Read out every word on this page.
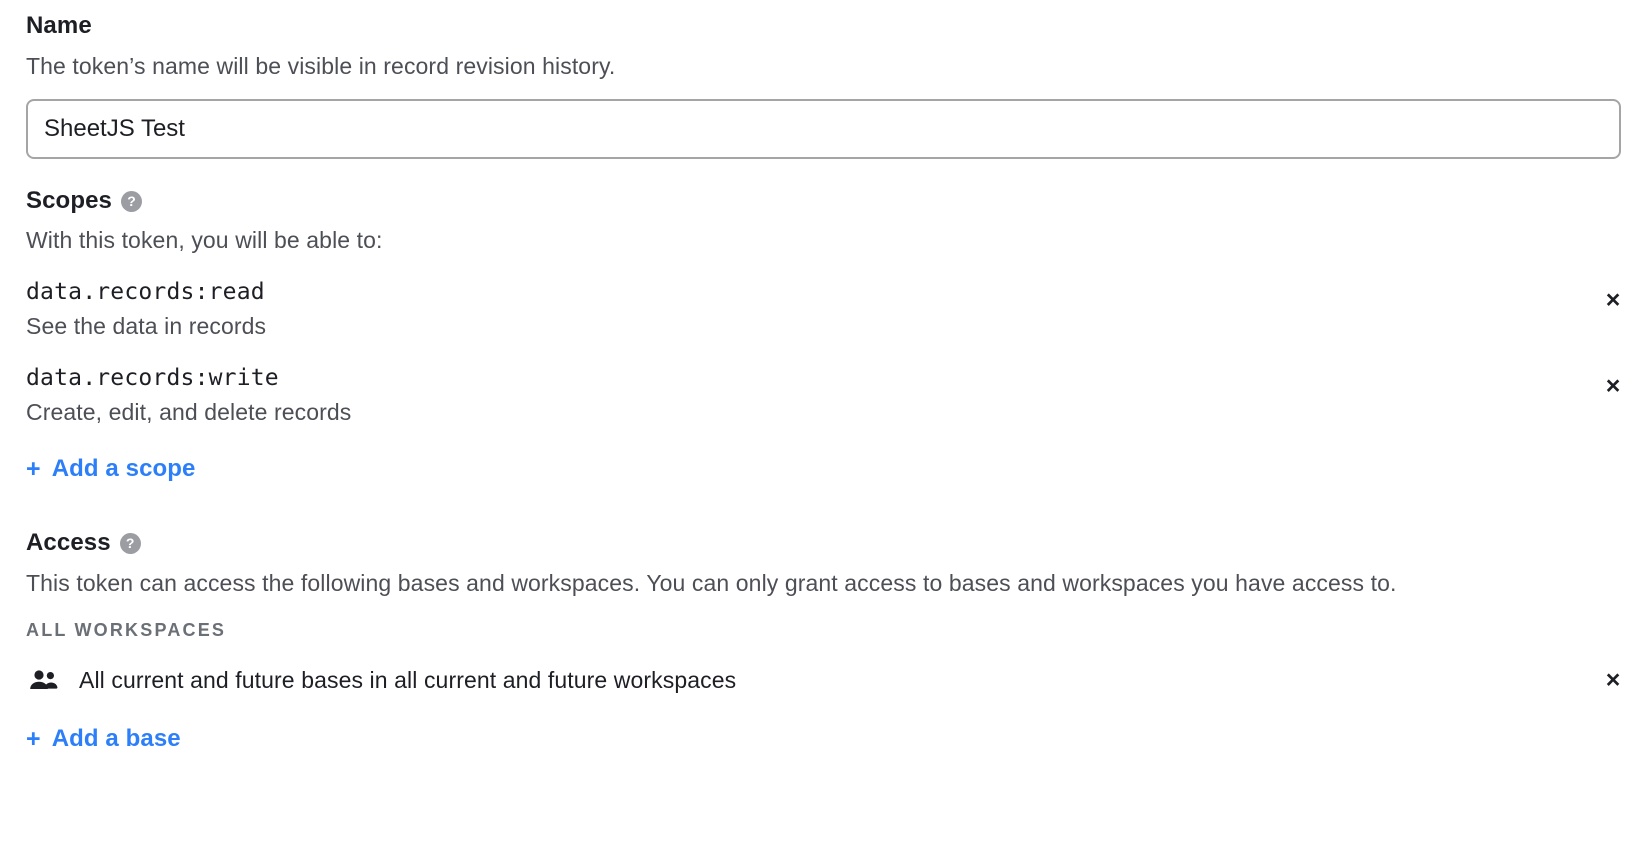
Name
The token’s name will be visible in record revision history.
SheetJS Test
Scopes	?
With this token, you will be able to:
data.records:read
See the data in records
×
data.records:write
Create, edit, and delete records
×
+ Add a scope
Access	?
This token can access the following bases and workspaces. You can only grant access to bases and workspaces you have access to.
ALL WORKSPACES
All current and future bases in all current and future workspaces	×
+ Add a base
